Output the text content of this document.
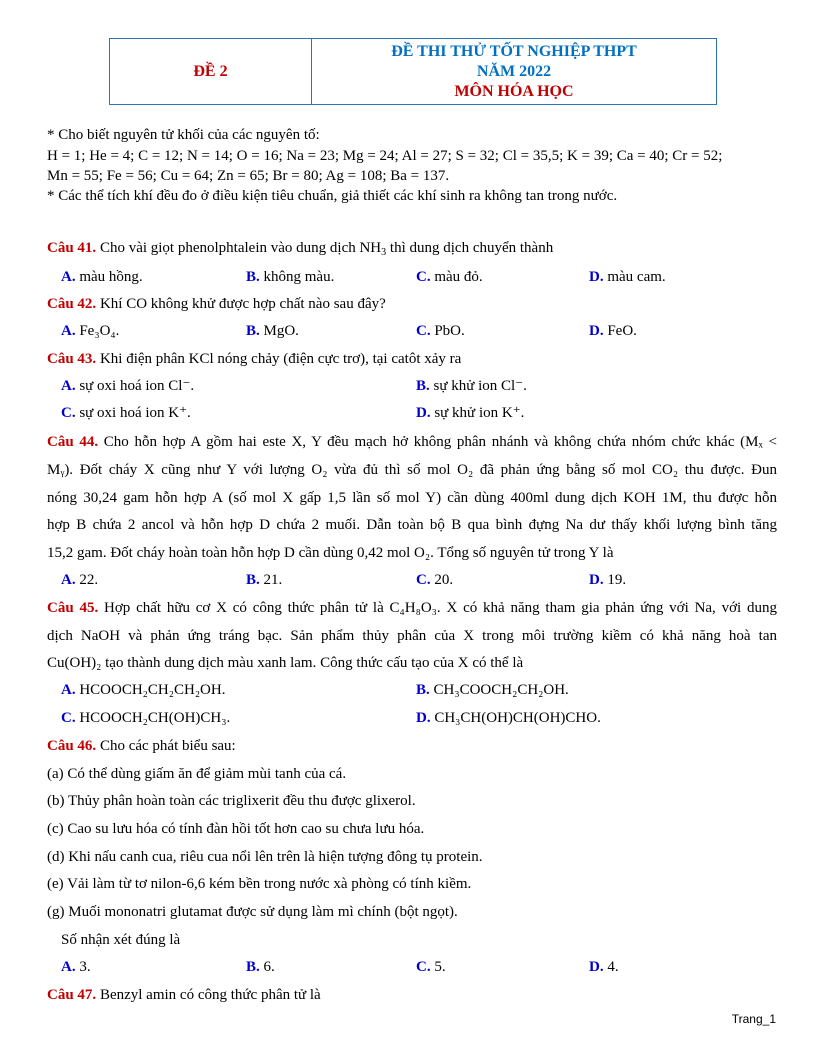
ĐỀ 2
ĐỀ THI THỬ TỐT NGHIỆP THPT
NĂM 2022
MÔN HÓA HỌC
* Cho biết nguyên tử khối của các nguyên tố:
H = 1; He = 4; C = 12; N = 14; O = 16; Na = 23; Mg = 24; Al = 27; S = 32; Cl = 35,5; K = 39; Ca = 40; Cr = 52;
Mn = 55; Fe = 56; Cu = 64; Zn = 65; Br = 80; Ag = 108; Ba = 137.
* Các thể tích khí đều đo ở điều kiện tiêu chuẩn, giả thiết các khí sinh ra không tan trong nước.
Câu 41. Cho vài giọt phenolphtalein vào dung dịch $NH_3$ thì dung dịch chuyển thành
A. màu hồng.	B. không màu.	C. màu đỏ.	D. màu cam.
Câu 42. Khí CO không khử được hợp chất nào sau đây?
A. Fe₃O₄.	B. MgO.	C. PbO.	D. FeO.
Câu 43. Khi điện phân KCl nóng chảy (điện cực trơ), tại catôt xảy ra
A. sự oxi hoá ion Cl⁻.	B. sự khử ion Cl⁻.
C. sự oxi hoá ion K⁺.	D. sự khử ion K⁺.
Câu 44. Cho hỗn hợp A gồm hai este X, Y đều mạch hở không phân nhánh và không chứa nhóm chức khác (Mₓ <
Mᵧ). Đốt cháy X cũng như Y với lượng O₂ vừa đủ thì số mol O₂ đã phản ứng bằng số mol CO₂ thu được. Đun
nóng 30,24 gam hỗn hợp A (số mol X gấp 1,5 lần số mol Y) cần dùng 400ml dung dịch KOH 1M, thu được hỗn
hợp B chứa 2 ancol và hỗn hợp D chứa 2 muối. Dẫn toàn bộ B qua bình đựng Na dư thấy khối lượng bình tăng
15,2 gam. Đốt cháy hoàn toàn hỗn hợp D cần dùng 0,42 mol O₂. Tổng số nguyên tử trong Y là
A. 22.	B. 21.	C. 20.	D. 19.
Câu 45. Hợp chất hữu cơ X có công thức phân tử là C₄H₈O₃. X có khả năng tham gia phản ứng với Na, với dung
dịch NaOH và phản ứng tráng bạc. Sản phẩm thủy phân của X trong môi trường kiềm có khả năng hoà tan
Cu(OH)₂ tạo thành dung dịch màu xanh lam. Công thức cấu tạo của X có thể là
A. HCOOCH₂CH₂CH₂OH.	B. CH₃COOCH₂CH₂OH.
C. HCOOCH₂CH(OH)CH₃.	D. CH₃CH(OH)CH(OH)CHO.
Câu 46. Cho các phát biểu sau:
(a) Có thể dùng giấm ăn để giảm mùi tanh của cá.
(b) Thủy phân hoàn toàn các triglixerit đều thu được glixerol.
(c) Cao su lưu hóa có tính đàn hồi tốt hơn cao su chưa lưu hóa.
(d) Khi nấu canh cua, riêu cua nổi lên trên là hiện tượng đông tụ protein.
(e) Vải làm từ tơ nilon-6,6 kém bền trong nước xà phòng có tính kiềm.
(g) Muối mononatri glutamat được sử dụng làm mì chính (bột ngọt).
Số nhận xét đúng là
A. 3.	B. 6.	C. 5.	D. 4.
Câu 47. Benzyl amin có công thức phân tử là
Trang_1
